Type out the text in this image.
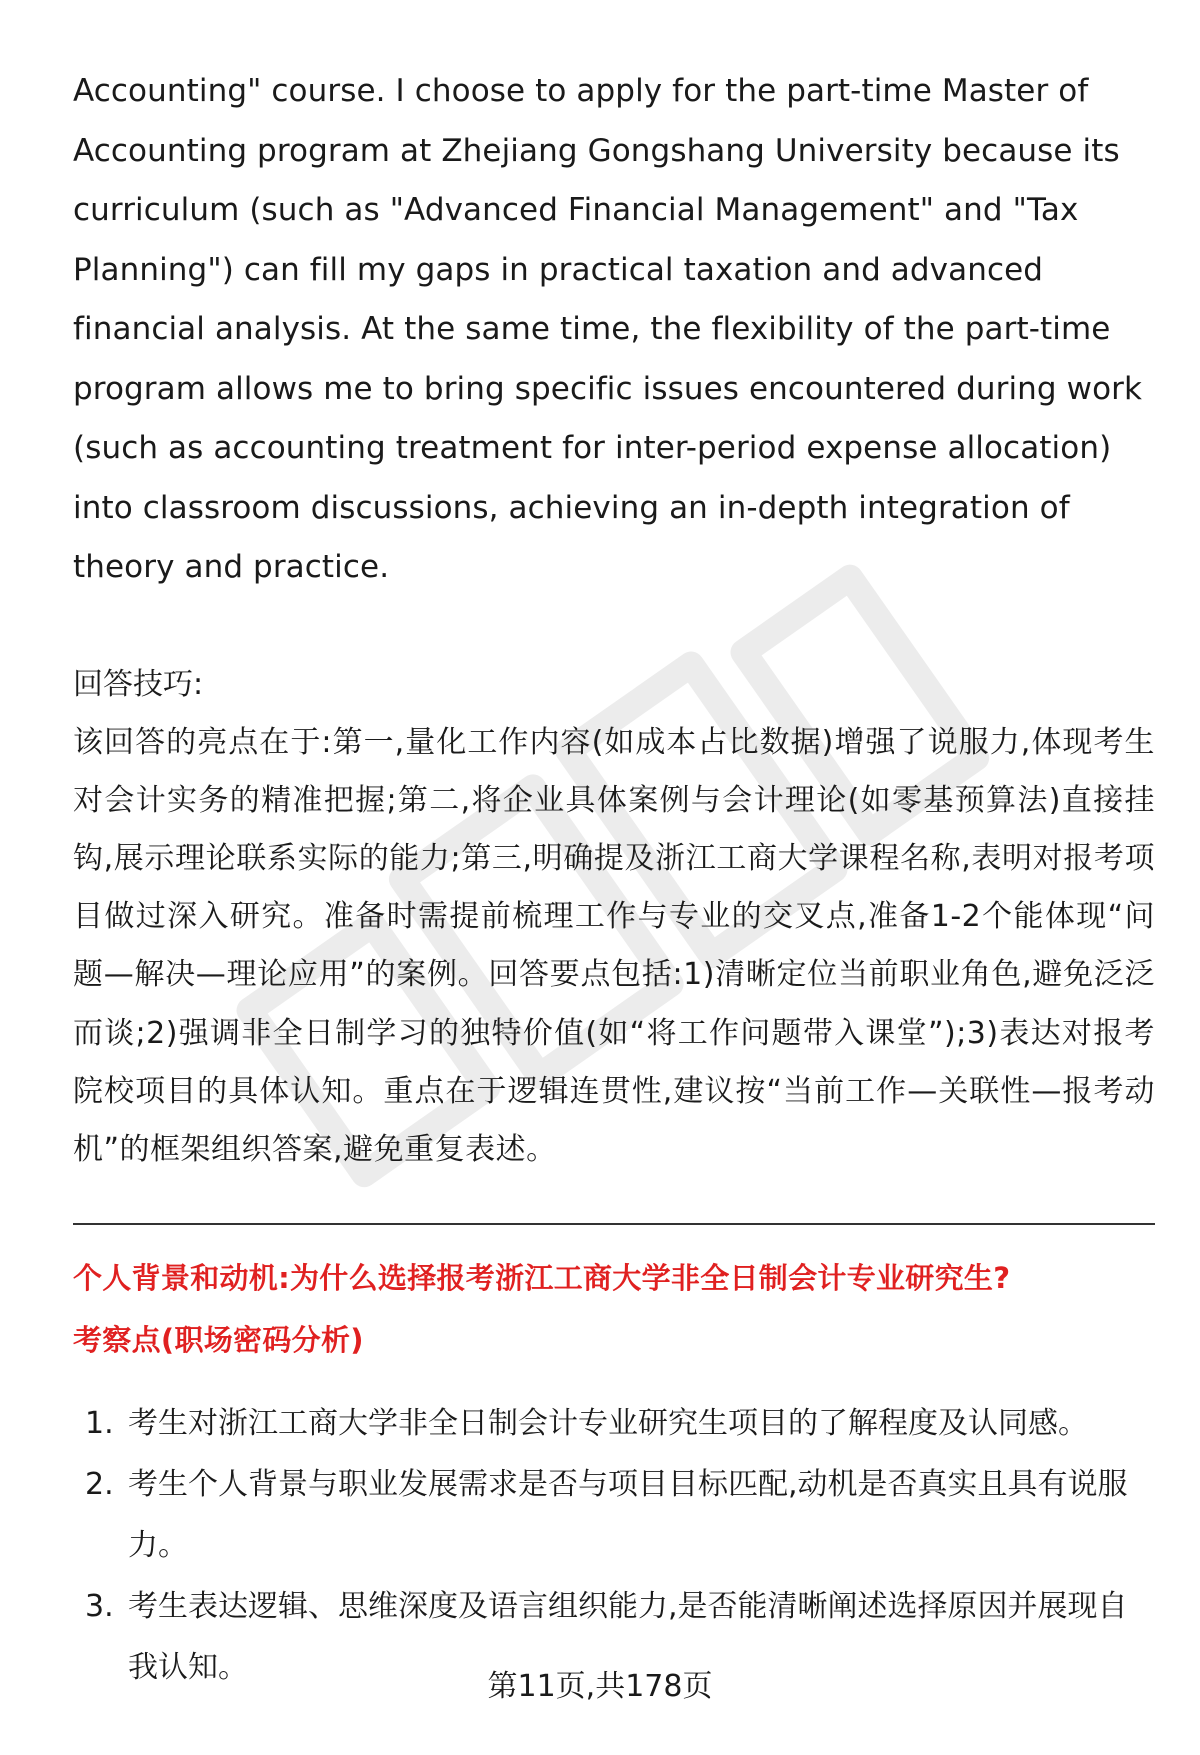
Accounting" course. I choose to apply for the part-time Master of Accounting program at Zhejiang Gongshang University because its curriculum (such as "Advanced Financial Management" and "Tax Planning") can fill my gaps in practical taxation and advanced financial analysis. At the same time, the flexibility of the part-time program allows me to bring specific issues encountered during work (such as accounting treatment for inter-period expense allocation) into classroom discussions, achieving an in-depth integration of theory and practice.

回答技巧:

该回答的亮点在于:第一,量化工作内容(如成本占比数据)增强了说服力,体现考生对会计实务的精准把握;第二,将企业具体案例与会计理论(如零基预算法)直接挂钩,展示理论联系实际的能力;第三,明确提及浙江工商大学课程名称,表明对报考项目做过深入研究。准备时需提前梳理工作与专业的交叉点,准备1-2个能体现“问题—解决—理论应用”的案例。回答要点包括:1)清晰定位当前职业角色,避免泛泛而谈;2)强调非全日制学习的独特价值(如“将工作问题带入课堂”);3)表达对报考院校项目的具体认知。重点在于逻辑连贯性,建议按“当前工作—关联性—报考动机”的框架组织答案,避免重复表述。

个人背景和动机:为什么选择报考浙江工商大学非全日制会计专业研究生?
考察点(职场密码分析)
1. 考生对浙江工商大学非全日制会计专业研究生项目的了解程度及认同感。
2. 考生个人背景与职业发展需求是否与项目目标匹配,动机是否真实且具有说服力。
3. 考生表达逻辑、思维深度及语言组织能力,是否能清晰阐述选择原因并展现自我认知。
第11页,共178页
